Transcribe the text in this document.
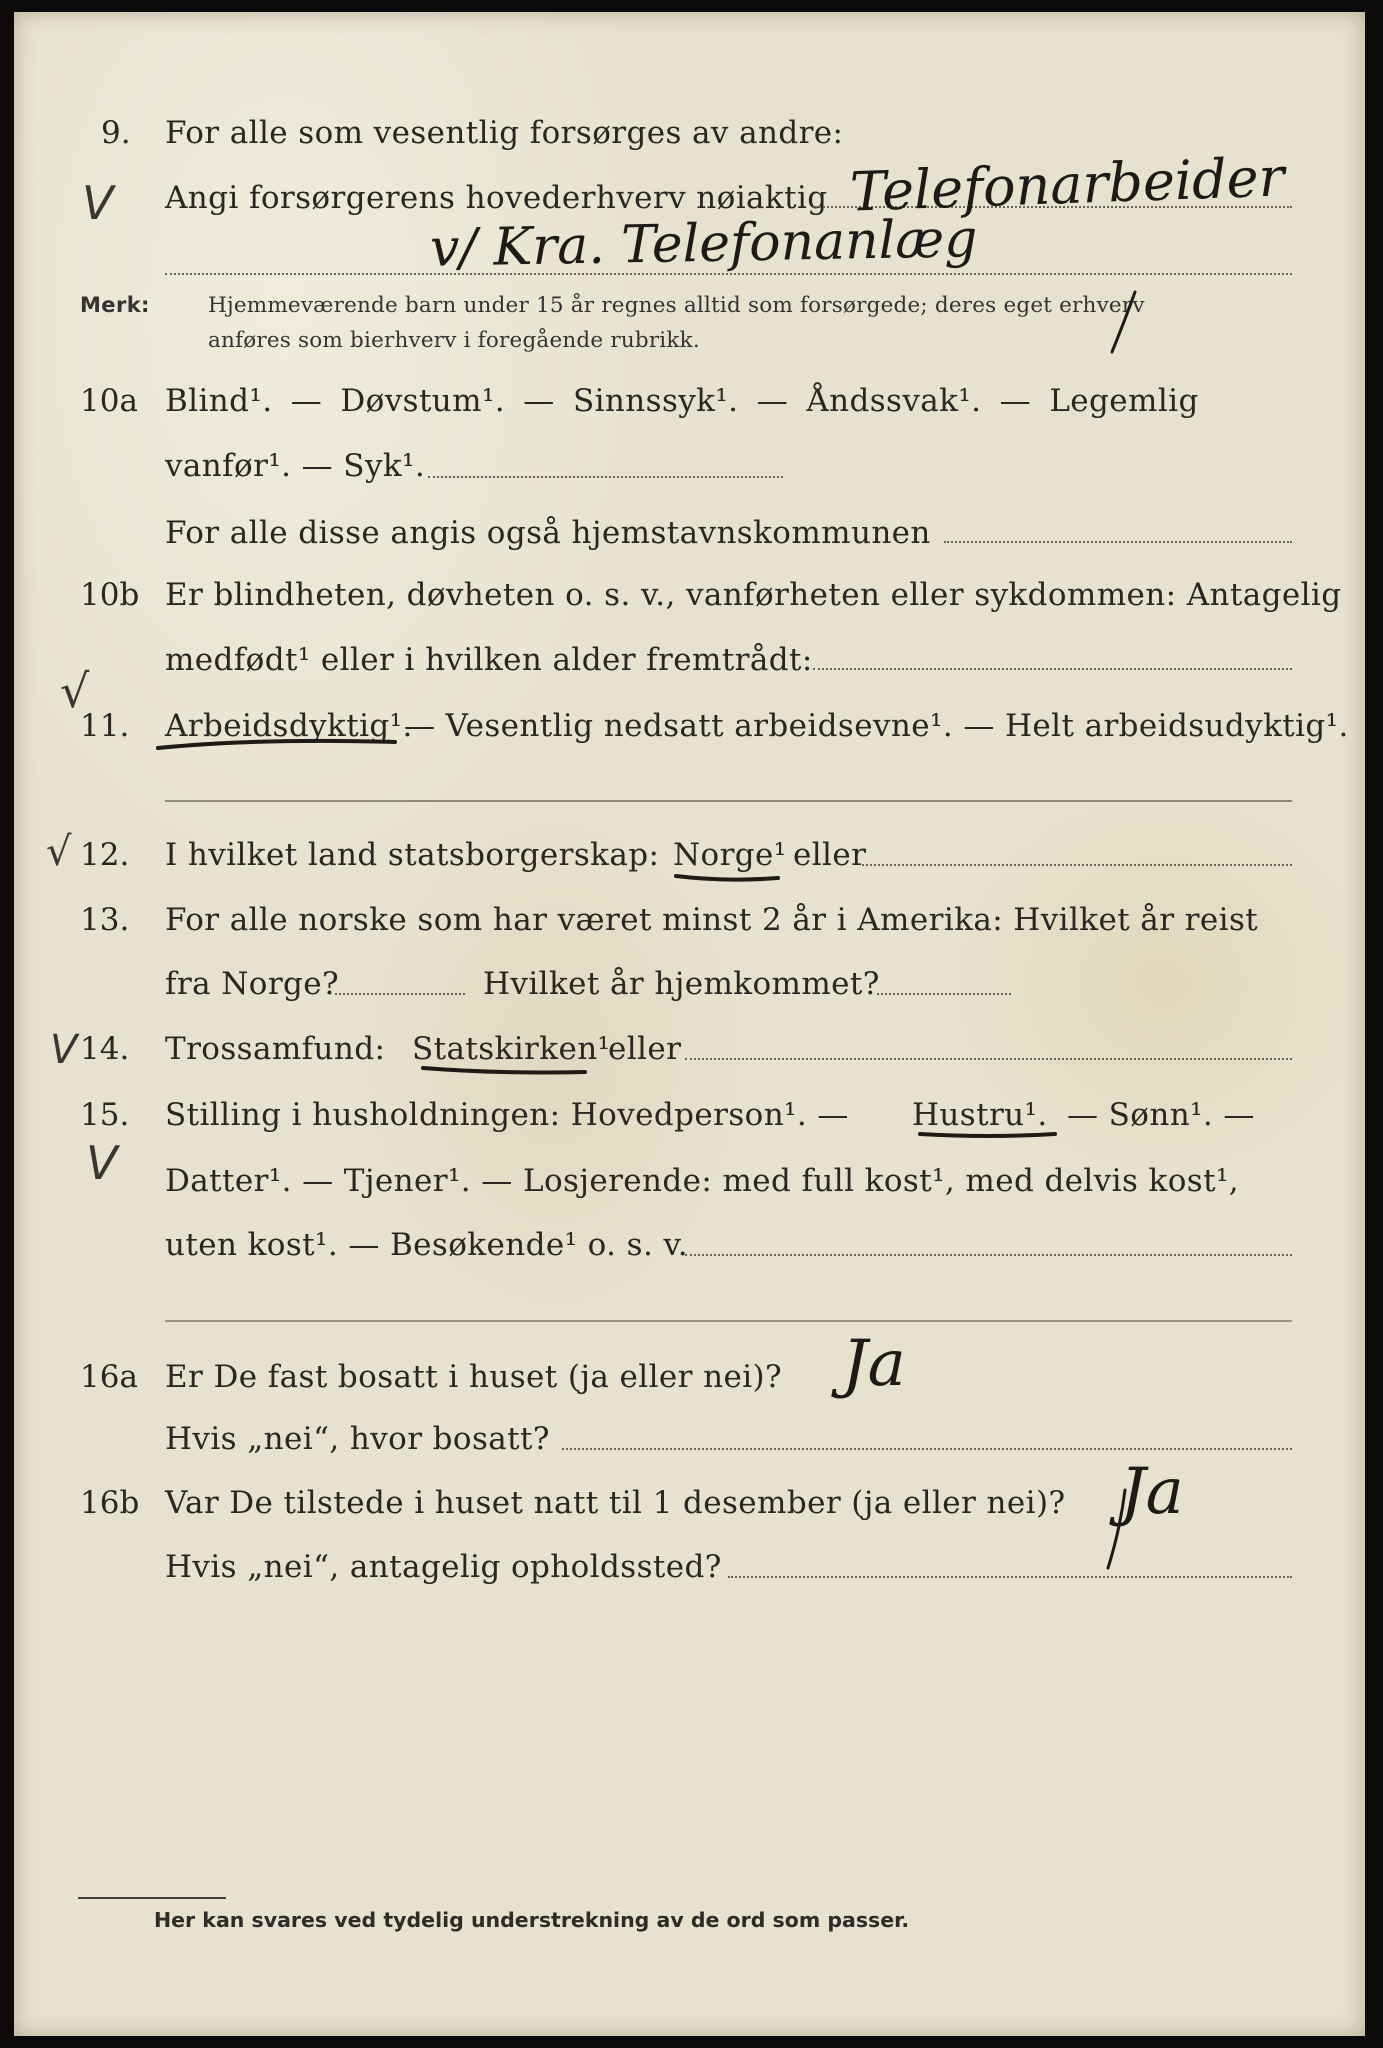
9. For alle som vesentlig forsørges av andre:
Angi forsørgerens hovederhverv nøiaktig Telefonarbeider
v/ Kra. Telefonanlæg
Merk:	Hjemmeværende barn under 15 år regnes alltid som forsørgede; deres eget erhverv
anføres som bierhverv i foregående rubrikk.
10a Blind¹. — Døvstum¹. — Sinnssyk¹. — Åndssvak¹. — Legemlig
vanfør¹. — Syk¹.
For alle disse angis også hjemstavnskommunen
10b Er blindheten, døvheten o. s. v., vanførheten eller sykdommen: Antagelig
medfødt¹ eller i hvilken alder fremtrådt:
11. Arbeidsdyktig¹.
— Vesentlig nedsatt arbeidsevne¹. — Helt arbeidsudyktig¹.
12. I hvilket land statsborgerskap: Norge¹ eller
13. For alle norske som har været minst 2 år i Amerika: Hvilket år reist
fra Norge?	Hvilket år hjemkommet?
14. Trossamfund: Statskirken¹
eller
15. Stilling i husholdningen: Hovedperson¹. — Hustru¹. — Sønn¹. —
Datter¹. — Tjener¹. — Losjerende: med full kost¹, med delvis kost¹,
uten kost¹. — Besøkende¹ o. s. v.
16a Er De fast bosatt i huset (ja eller nei)? Ja
Hvis „nei“, hvor bosatt?
16b Var De tilstede i huset natt til 1 desember (ja eller nei)? Ja
Hvis „nei“, antagelig opholdssted?
V
√
√
V
V
Her kan svares ved tydelig understrekning av de ord som passer.
